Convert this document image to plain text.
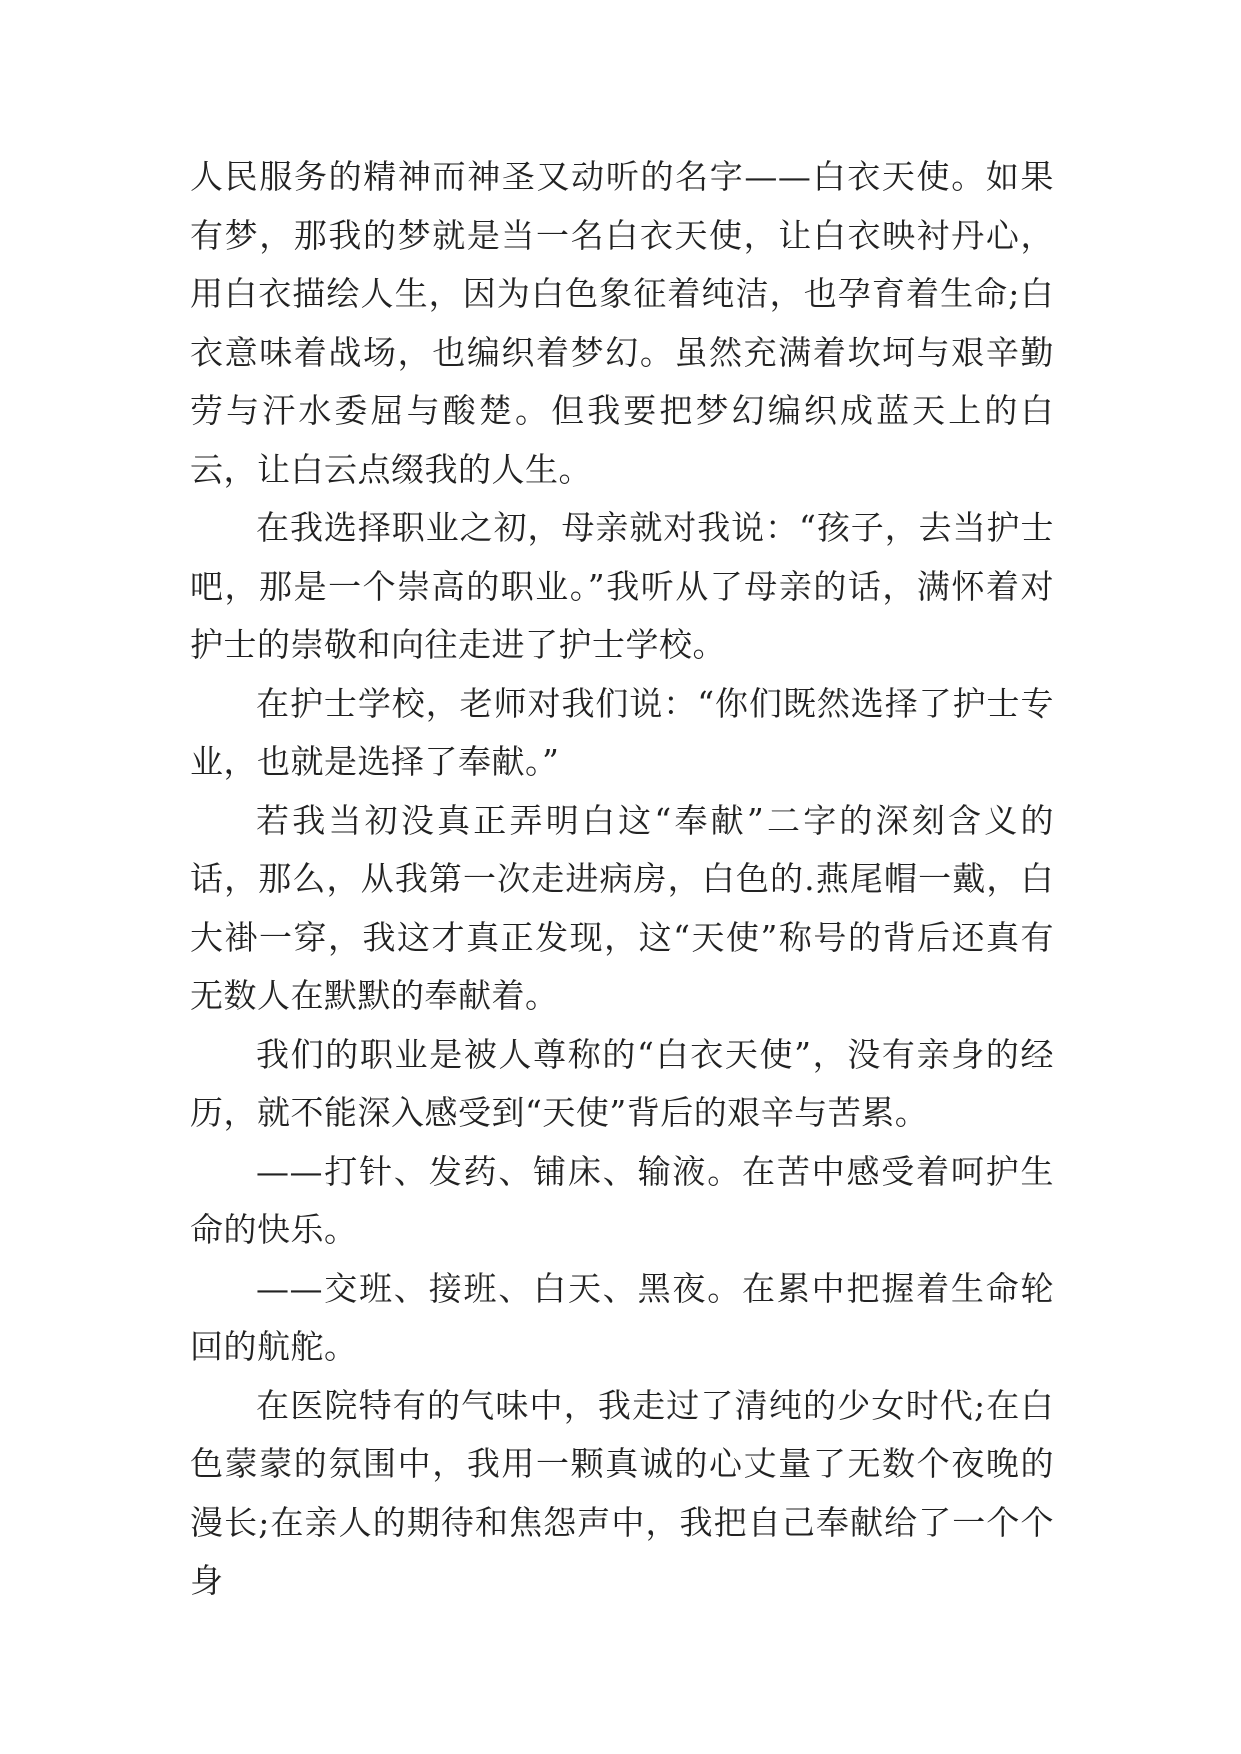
人民服务的精神而神圣又动听的名字——白衣天使。如果有梦，那我的梦就是当一名白衣天使，让白衣映衬丹心，用白衣描绘人生，因为白色象征着纯洁，也孕育着生命;白衣意味着战场，也编织着梦幻。虽然充满着坎坷与艰辛勤劳与汗水委屈与酸楚。但我要把梦幻编织成蓝天上的白云，让白云点缀我的人生。

在我选择职业之初，母亲就对我说：“孩子，去当护士吧，那是一个崇高的职业。”我听从了母亲的话，满怀着对护士的崇敬和向往走进了护士学校。

在护士学校，老师对我们说：“你们既然选择了护士专业，也就是选择了奉献。”

若我当初没真正弄明白这“奉献”二字的深刻含义的话，那么，从我第一次走进病房，白色的.燕尾帽一戴，白大褂一穿，我这才真正发现，这“天使”称号的背后还真有无数人在默默的奉献着。

我们的职业是被人尊称的“白衣天使”，没有亲身的经历，就不能深入感受到“天使”背后的艰辛与苦累。

——打针、发药、铺床、输液。在苦中感受着呵护生命的快乐。

——交班、接班、白天、黑夜。在累中把握着生命轮回的航舵。

在医院特有的气味中，我走过了清纯的少女时代;在白色蒙蒙的氛围中，我用一颗真诚的心丈量了无数个夜晚的漫长;在亲人的期待和焦怨声中，我把自己奉献给了一个个身
